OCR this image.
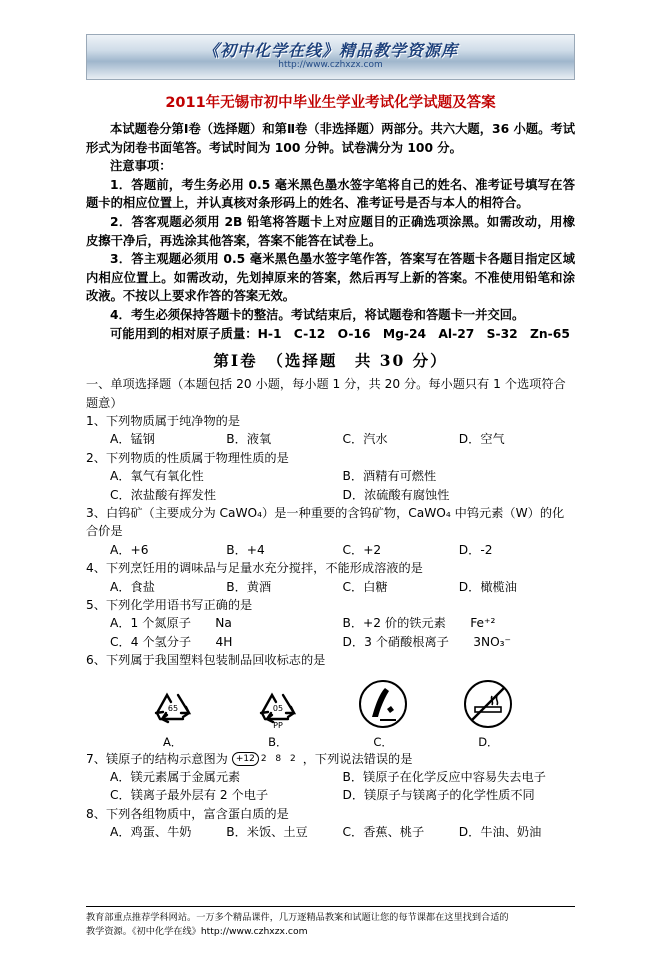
《初中化学在线》精品教学资源库
http://www.czhxzx.com
2011年无锡市初中毕业生学业考试化学试题及答案

本试题卷分第Ⅰ卷（选择题）和第Ⅱ卷（非选择题）两部分。共六大题，36 小题。考试形式为闭卷书面笔答。考试时间为 100 分钟。试卷满分为 100 分。

注意事项：

1．答题前，考生务必用 0.5 毫米黑色墨水签字笔将自己的姓名、准考证号填写在答题卡的相应位置上，并认真核对条形码上的姓名、准考证号是否与本人的相符合。

2．答客观题必须用 2B 铅笔将答题卡上对应题目的正确选项涂黑。如需改动，用橡皮擦干净后，再选涂其他答案，答案不能答在试卷上。

3．答主观题必须用 0.5 毫米黑色墨水签字笔作答，答案写在答题卡各题目指定区域内相应位置上。如需改动，先划掉原来的答案，然后再写上新的答案。不准使用铅笔和涂改液。不按以上要求作答的答案无效。

4．考生必须保持答题卡的整洁。考试结束后，将试题卷和答题卡一并交回。

可能用到的相对原子质量：H-1　C-12　O-16　Mg-24　Al-27　S-32　Zn-65

第Ⅰ卷　（选择题　共 30 分）

一、单项选择题（本题包括 20 小题，每小题 1 分，共 20 分。每小题只有 1 个选项符合题意）

1、下列物质属于纯净物的是

A．锰钢	B．液氧	C．汽水	D．空气

2、下列物质的性质属于物理性质的是

A．氧气有氧化性	B．酒精有可燃性
C．浓盐酸有挥发性	D．浓硫酸有腐蚀性

3、白钨矿（主要成分为 CaWO₄）是一种重要的含钨矿物，CaWO₄ 中钨元素（W）的化合价是

A．+6	B．+4	C．+2	D．-2

4、下列烹饪用的调味品与足量水充分搅拌，不能形成溶液的是

A．食盐	B．黄酒	C．白糖	D．橄榄油

5、下列化学用语书写正确的是

A．1 个氮原子　　Na	B．+2 价的铁元素　　Fe⁺²
C．4 个氢分子　　4H	D．3 个硝酸根离子　　3NO₃⁻

6、下列属于我国塑料包装制品回收标志的是

65
A．
05
PP
B．	C．	D．
7、镁原子的结构示意图为 +12 2 8 2 ，下列说法错误的是
A．镁元素属于金属元素	B．镁原子在化学反应中容易失去电子
C．镁离子最外层有 2 个电子	D．镁原子与镁离子的化学性质不同

8、下列各组物质中，富含蛋白质的是

A．鸡蛋、牛奶	B．米饭、土豆	C．香蕉、桃子	D．牛油、奶油
教育部重点推荐学科网站。一万多个精品课件，几万逐精品教案和试题让您的每节课都在这里找到合适的
教学资源。《初中化学在线》http://www.czhxzx.com
